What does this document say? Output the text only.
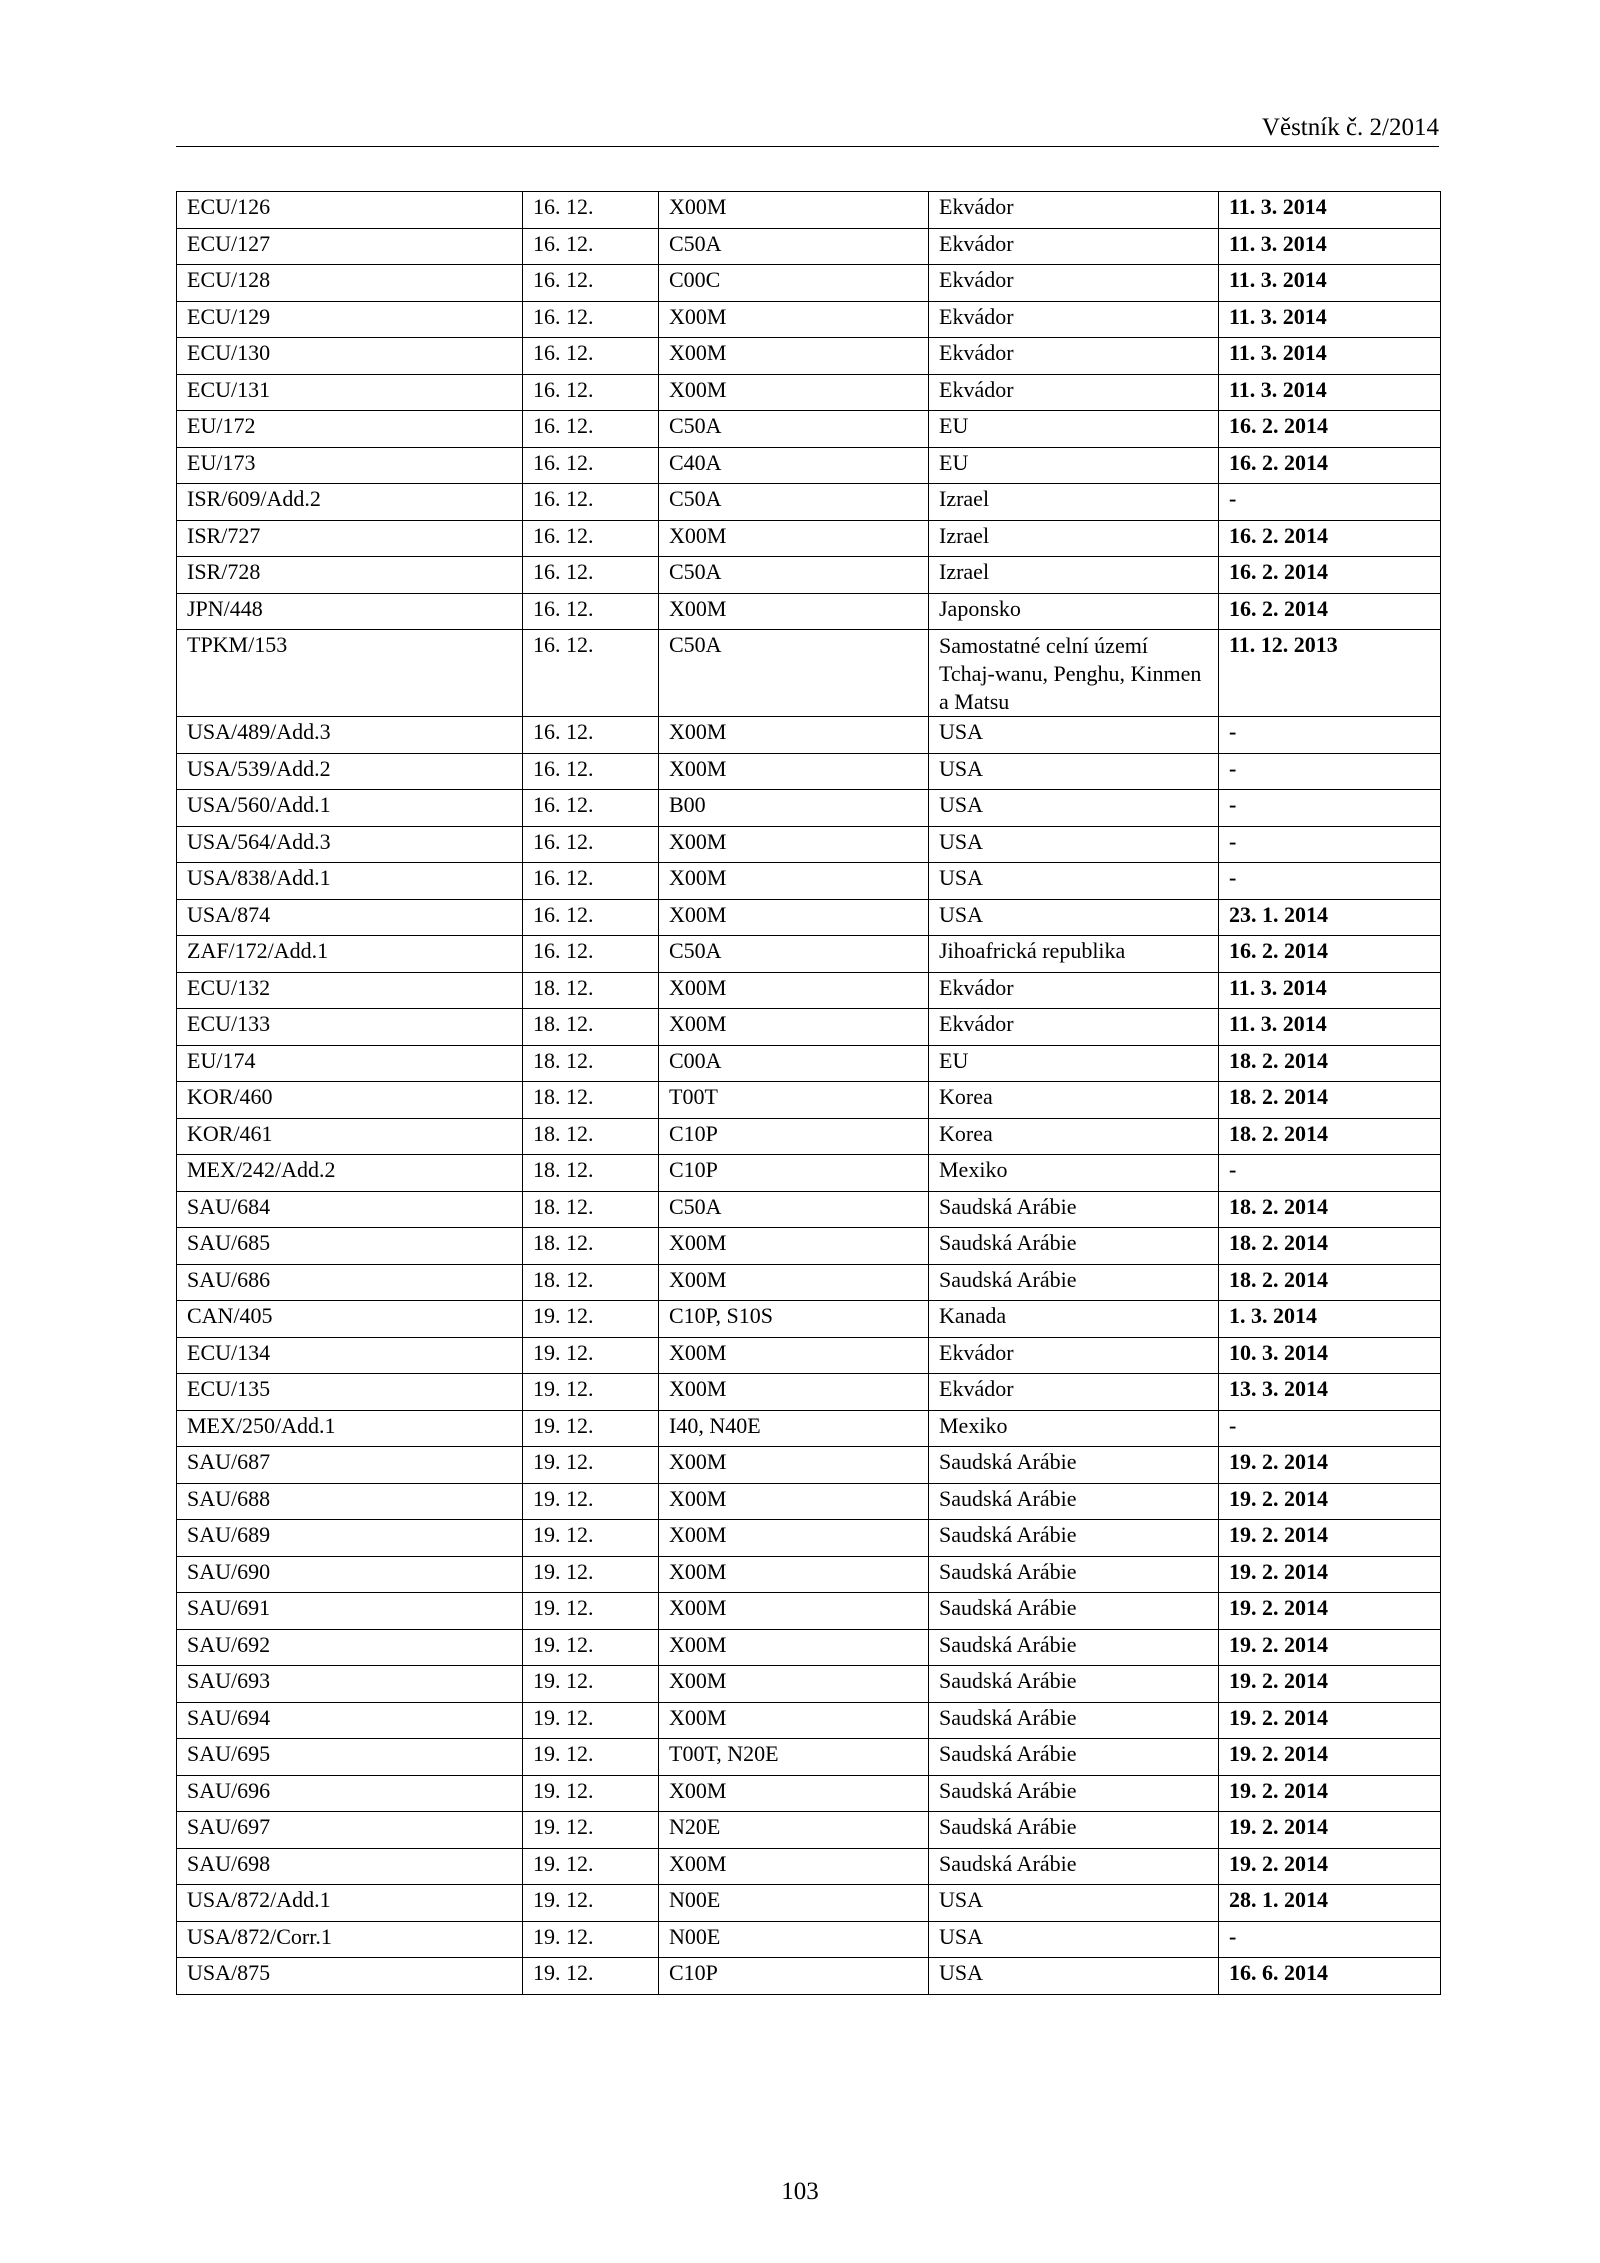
Věstník č. 2/2014
ECU/126	16. 12.	X00M	Ekvádor	11. 3. 2014
ECU/127	16. 12.	C50A	Ekvádor	11. 3. 2014
ECU/128	16. 12.	C00C	Ekvádor	11. 3. 2014
ECU/129	16. 12.	X00M	Ekvádor	11. 3. 2014
ECU/130	16. 12.	X00M	Ekvádor	11. 3. 2014
ECU/131	16. 12.	X00M	Ekvádor	11. 3. 2014
EU/172	16. 12.	C50A	EU	16. 2. 2014
EU/173	16. 12.	C40A	EU	16. 2. 2014
ISR/609/Add.2	16. 12.	C50A	Izrael	-
ISR/727	16. 12.	X00M	Izrael	16. 2. 2014
ISR/728	16. 12.	C50A	Izrael	16. 2. 2014
JPN/448	16. 12.	X00M	Japonsko	16. 2. 2014
TPKM/153	16. 12.	C50A	Samostatné celní území Tchaj-wanu, Penghu, Kinmen a Matsu	11. 12. 2013
USA/489/Add.3	16. 12.	X00M	USA	-
USA/539/Add.2	16. 12.	X00M	USA	-
USA/560/Add.1	16. 12.	B00	USA	-
USA/564/Add.3	16. 12.	X00M	USA	-
USA/838/Add.1	16. 12.	X00M	USA	-
USA/874	16. 12.	X00M	USA	23. 1. 2014
ZAF/172/Add.1	16. 12.	C50A	Jihoafrická republika	16. 2. 2014
ECU/132	18. 12.	X00M	Ekvádor	11. 3. 2014
ECU/133	18. 12.	X00M	Ekvádor	11. 3. 2014
EU/174	18. 12.	C00A	EU	18. 2. 2014
KOR/460	18. 12.	T00T	Korea	18. 2. 2014
KOR/461	18. 12.	C10P	Korea	18. 2. 2014
MEX/242/Add.2	18. 12.	C10P	Mexiko	-
SAU/684	18. 12.	C50A	Saudská Arábie	18. 2. 2014
SAU/685	18. 12.	X00M	Saudská Arábie	18. 2. 2014
SAU/686	18. 12.	X00M	Saudská Arábie	18. 2. 2014
CAN/405	19. 12.	C10P, S10S	Kanada	1. 3. 2014
ECU/134	19. 12.	X00M	Ekvádor	10. 3. 2014
ECU/135	19. 12.	X00M	Ekvádor	13. 3. 2014
MEX/250/Add.1	19. 12.	I40, N40E	Mexiko	-
SAU/687	19. 12.	X00M	Saudská Arábie	19. 2. 2014
SAU/688	19. 12.	X00M	Saudská Arábie	19. 2. 2014
SAU/689	19. 12.	X00M	Saudská Arábie	19. 2. 2014
SAU/690	19. 12.	X00M	Saudská Arábie	19. 2. 2014
SAU/691	19. 12.	X00M	Saudská Arábie	19. 2. 2014
SAU/692	19. 12.	X00M	Saudská Arábie	19. 2. 2014
SAU/693	19. 12.	X00M	Saudská Arábie	19. 2. 2014
SAU/694	19. 12.	X00M	Saudská Arábie	19. 2. 2014
SAU/695	19. 12.	T00T, N20E	Saudská Arábie	19. 2. 2014
SAU/696	19. 12.	X00M	Saudská Arábie	19. 2. 2014
SAU/697	19. 12.	N20E	Saudská Arábie	19. 2. 2014
SAU/698	19. 12.	X00M	Saudská Arábie	19. 2. 2014
USA/872/Add.1	19. 12.	N00E	USA	28. 1. 2014
USA/872/Corr.1	19. 12.	N00E	USA	-
USA/875	19. 12.	C10P	USA	16. 6. 2014
103
